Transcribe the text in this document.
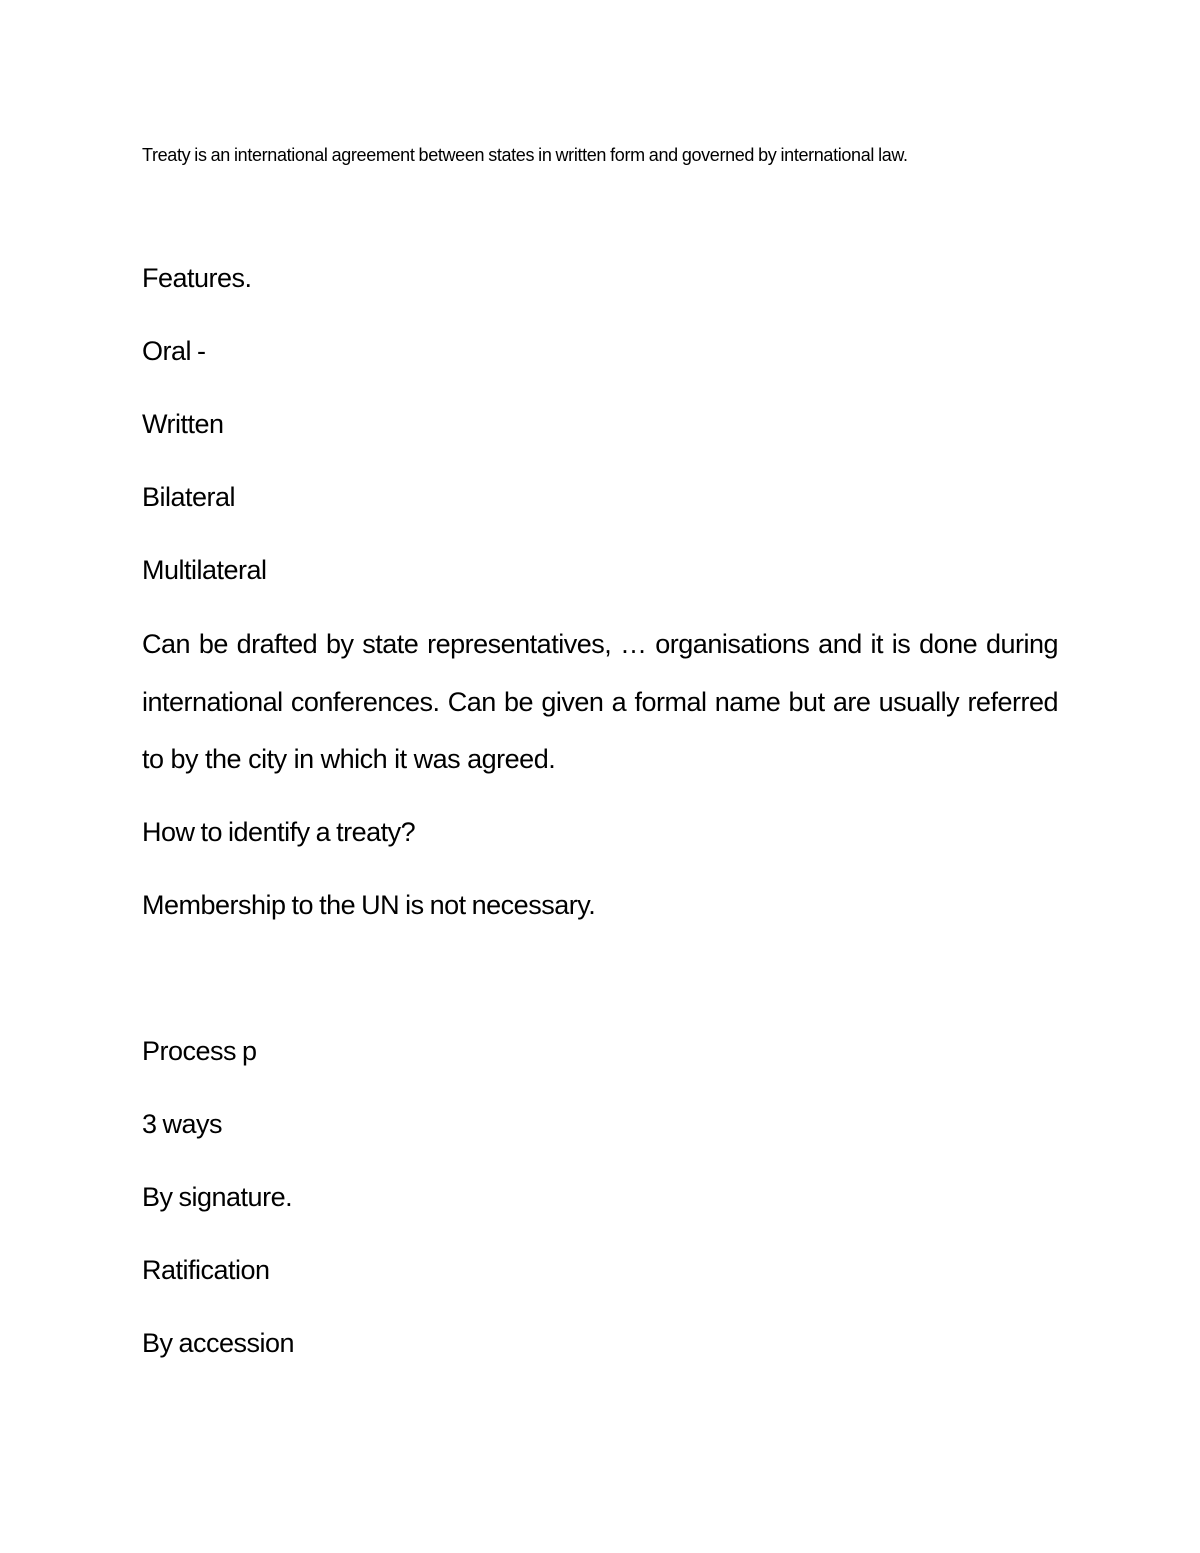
Treaty is an international agreement between states in written form and governed by international law.

Features.

Oral -

Written

Bilateral

Multilateral

Can be drafted by state representatives, … organisations and it is done during international conferences. Can be given a formal name but are usually referred to by the city in which it was agreed.

How to identify a treaty?

Membership to the UN is not necessary.

Process p

3 ways

By signature.

Ratification

By accession
